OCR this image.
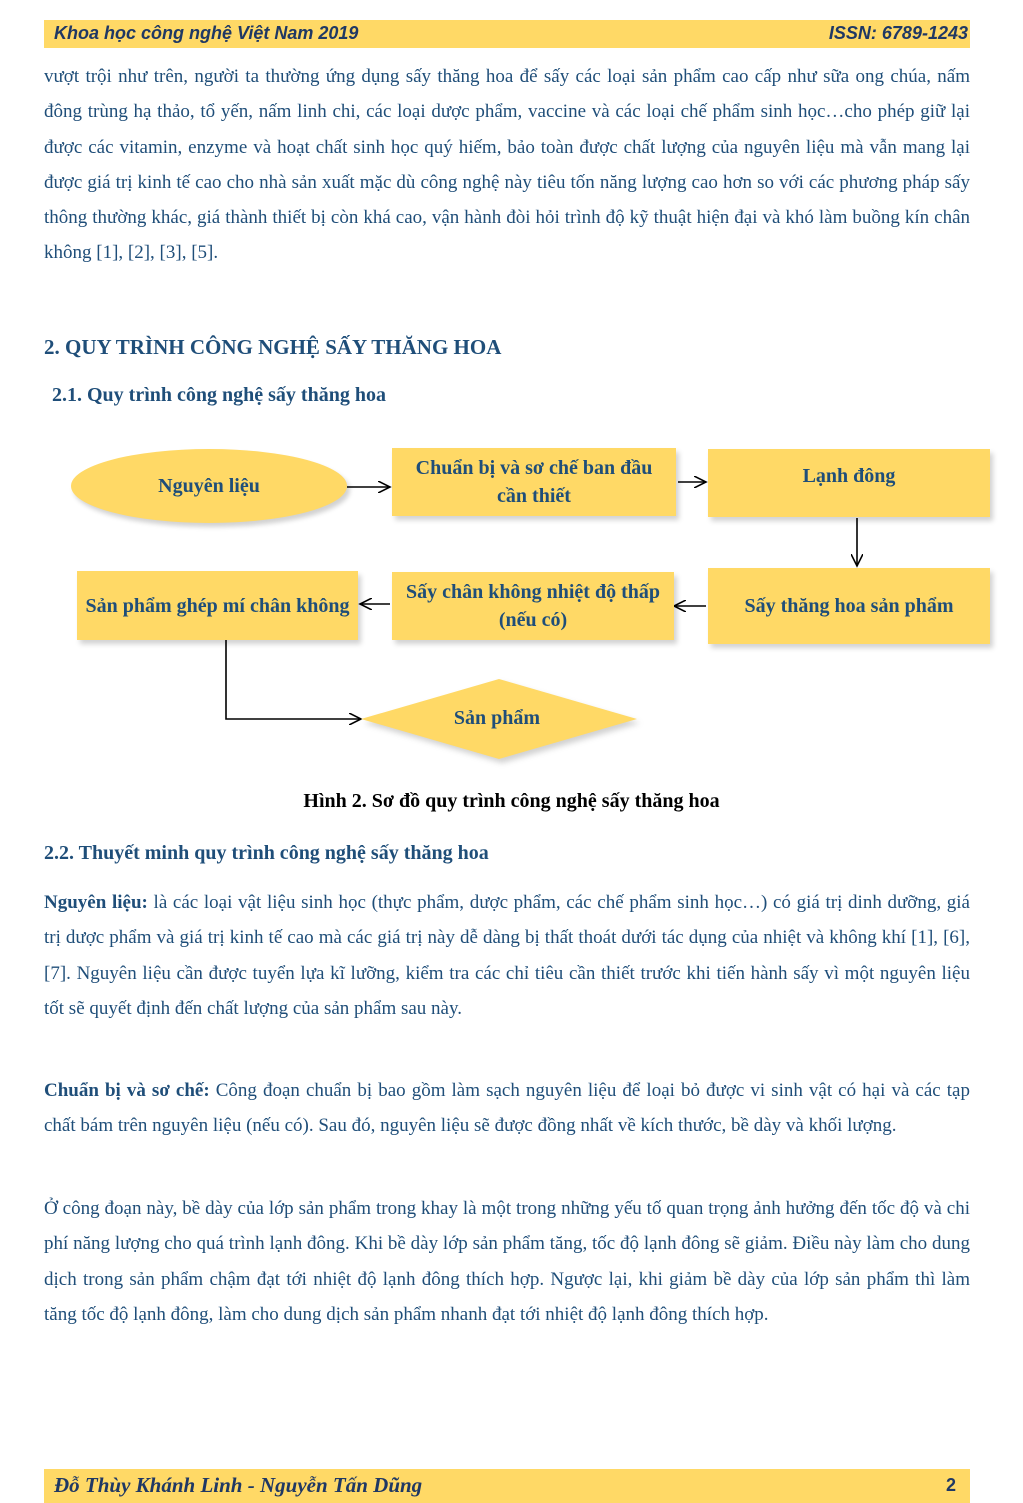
Khoa học công nghệ Việt Nam 2019	ISSN: 6789-1243
vượt trội như trên, người ta thường ứng dụng sấy thăng hoa để sấy các loại sản phẩm cao cấp như sữa ong chúa, nấm đông trùng hạ thảo, tổ yến, nấm linh chi, các loại dược phẩm, vaccine và các loại chế phẩm sinh học…cho phép giữ lại được các vitamin, enzyme và hoạt chất sinh học quý hiếm, bảo toàn được chất lượng của nguyên liệu mà vẫn mang lại được giá trị kinh tế cao cho nhà sản xuất mặc dù công nghệ này tiêu tốn năng lượng cao hơn so với các phương pháp sấy thông thường khác, giá thành thiết bị còn khá cao, vận hành đòi hỏi trình độ kỹ thuật hiện đại và khó làm buồng kín chân không [1], [2], [3], [5].
2. QUY TRÌNH CÔNG NGHỆ SẤY THĂNG HOA
2.1. Quy trình công nghệ sấy thăng hoa
Sản phẩm
Nguyên liệu
Chuẩn bị và sơ chế ban đầu cần thiết
Lạnh đông
Sấy thăng hoa sản phẩm
Sấy chân không nhiệt độ thấp (nếu có)
Sản phẩm ghép mí chân không
Hình 2. Sơ đồ quy trình công nghệ sấy thăng hoa
2.2. Thuyết minh quy trình công nghệ sấy thăng hoa
Nguyên liệu: là các loại vật liệu sinh học (thực phẩm, dược phẩm, các chế phẩm sinh học…) có giá trị dinh dưỡng, giá trị dược phẩm và giá trị kinh tế cao mà các giá trị này dễ dàng bị thất thoát dưới tác dụng của nhiệt và không khí [1], [6], [7]. Nguyên liệu cần được tuyển lựa kĩ lưỡng, kiểm tra các chỉ tiêu cần thiết trước khi tiến hành sấy vì một nguyên liệu tốt sẽ quyết định đến chất lượng của sản phẩm sau này.
Chuẩn bị và sơ chế: Công đoạn chuẩn bị bao gồm làm sạch nguyên liệu để loại bỏ được vi sinh vật có hại và các tạp chất bám trên nguyên liệu (nếu có). Sau đó, nguyên liệu sẽ được đồng nhất về kích thước, bề dày và khối lượng.
Ở công đoạn này, bề dày của lớp sản phẩm trong khay là một trong những yếu tố quan trọng ảnh hưởng đến tốc độ và chi phí năng lượng cho quá trình lạnh đông. Khi bề dày lớp sản phẩm tăng, tốc độ lạnh đông sẽ giảm. Điều này làm cho dung dịch trong sản phẩm chậm đạt tới nhiệt độ lạnh đông thích hợp. Ngược lại, khi giảm bề dày của lớp sản phẩm thì làm tăng tốc độ lạnh đông, làm cho dung dịch sản phẩm nhanh đạt tới nhiệt độ lạnh đông thích hợp.
Đỗ Thùy Khánh Linh - Nguyễn Tấn Dũng	2
